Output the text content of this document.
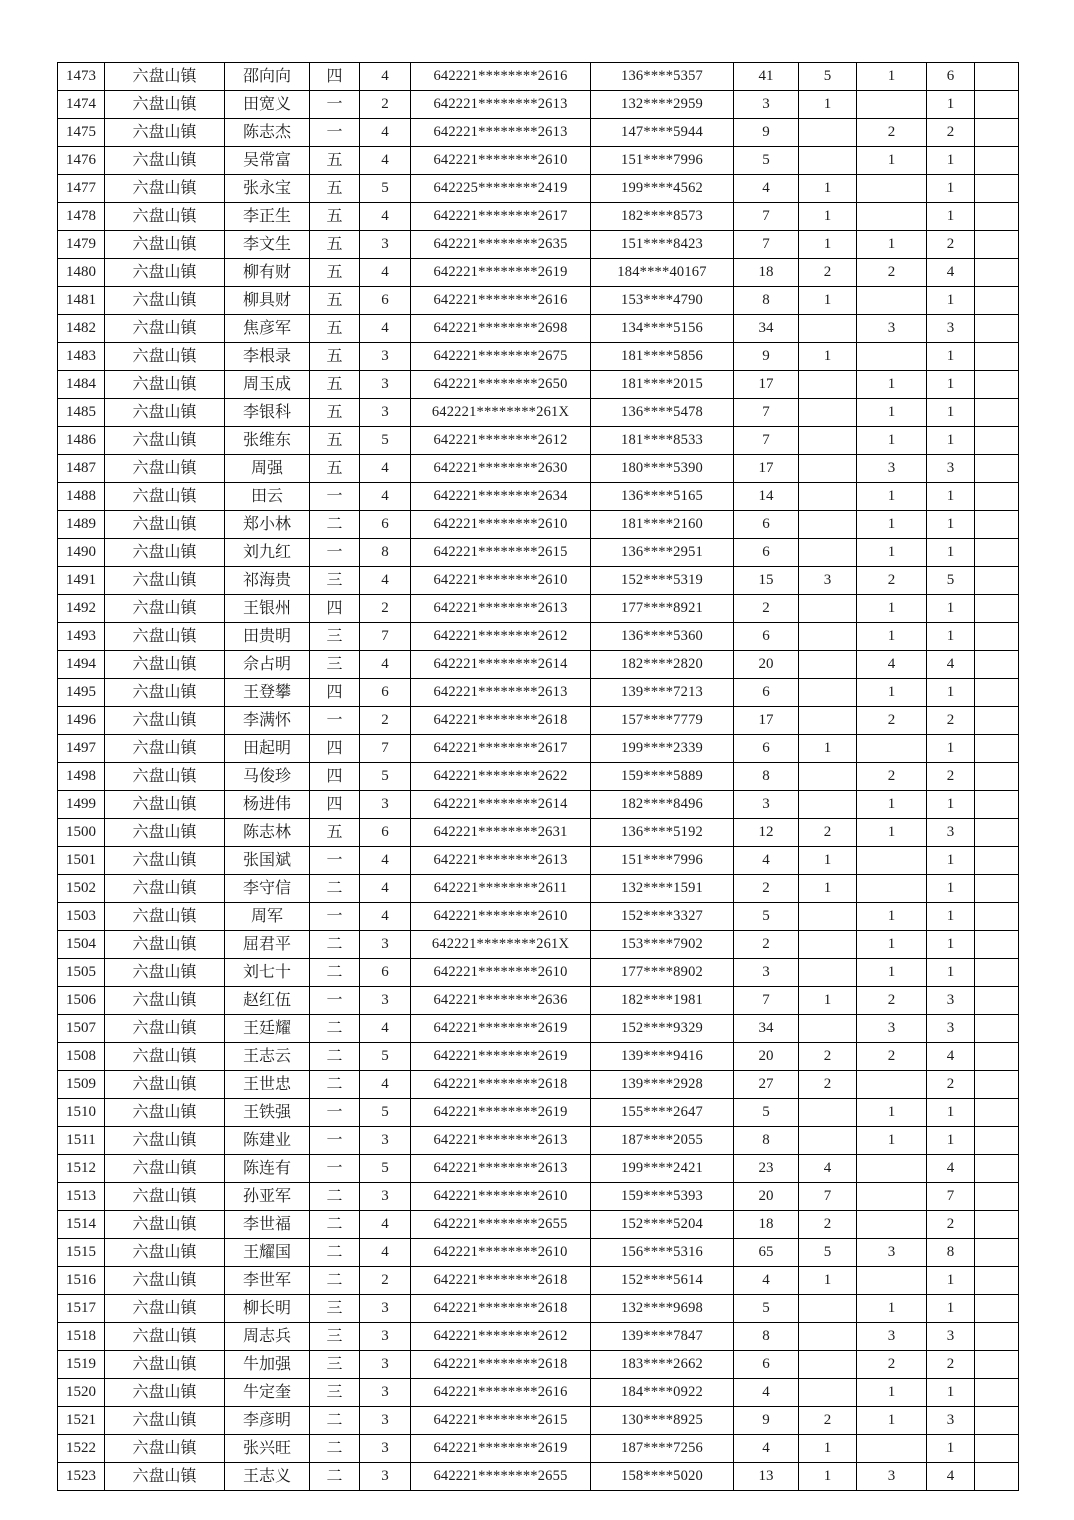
1473	六盘山镇	邵向向	四	4	642221********2616	136****5357	41	5	1	6	
1474	六盘山镇	田宽义	一	2	642221********2613	132****2959	3	1		1	
1475	六盘山镇	陈志杰	一	4	642221********2613	147****5944	9		2	2	
1476	六盘山镇	吴常富	五	4	642221********2610	151****7996	5		1	1	
1477	六盘山镇	张永宝	五	5	642225********2419	199****4562	4	1		1	
1478	六盘山镇	李正生	五	4	642221********2617	182****8573	7	1		1	
1479	六盘山镇	李文生	五	3	642221********2635	151****8423	7	1	1	2	
1480	六盘山镇	柳有财	五	4	642221********2619	184****40167	18	2	2	4	
1481	六盘山镇	柳具财	五	6	642221********2616	153****4790	8	1		1	
1482	六盘山镇	焦彦军	五	4	642221********2698	134****5156	34		3	3	
1483	六盘山镇	李根录	五	3	642221********2675	181****5856	9	1		1	
1484	六盘山镇	周玉成	五	3	642221********2650	181****2015	17		1	1	
1485	六盘山镇	李银科	五	3	642221********261X	136****5478	7		1	1	
1486	六盘山镇	张维东	五	5	642221********2612	181****8533	7		1	1	
1487	六盘山镇	周强	五	4	642221********2630	180****5390	17		3	3	
1488	六盘山镇	田云	一	4	642221********2634	136****5165	14		1	1	
1489	六盘山镇	郑小林	二	6	642221********2610	181****2160	6		1	1	
1490	六盘山镇	刘九红	一	8	642221********2615	136****2951	6		1	1	
1491	六盘山镇	祁海贵	三	4	642221********2610	152****5319	15	3	2	5	
1492	六盘山镇	王银州	四	2	642221********2613	177****8921	2		1	1	
1493	六盘山镇	田贵明	三	7	642221********2612	136****5360	6		1	1	
1494	六盘山镇	佘占明	三	4	642221********2614	182****2820	20		4	4	
1495	六盘山镇	王登攀	四	6	642221********2613	139****7213	6		1	1	
1496	六盘山镇	李满怀	一	2	642221********2618	157****7779	17		2	2	
1497	六盘山镇	田起明	四	7	642221********2617	199****2339	6	1		1	
1498	六盘山镇	马俊珍	四	5	642221********2622	159****5889	8		2	2	
1499	六盘山镇	杨进伟	四	3	642221********2614	182****8496	3		1	1	
1500	六盘山镇	陈志林	五	6	642221********2631	136****5192	12	2	1	3	
1501	六盘山镇	张国斌	一	4	642221********2613	151****7996	4	1		1	
1502	六盘山镇	李守信	二	4	642221********2611	132****1591	2	1		1	
1503	六盘山镇	周军	一	4	642221********2610	152****3327	5		1	1	
1504	六盘山镇	屈君平	二	3	642221********261X	153****7902	2		1	1	
1505	六盘山镇	刘七十	二	6	642221********2610	177****8902	3		1	1	
1506	六盘山镇	赵红伍	一	3	642221********2636	182****1981	7	1	2	3	
1507	六盘山镇	王廷耀	二	4	642221********2619	152****9329	34		3	3	
1508	六盘山镇	王志云	二	5	642221********2619	139****9416	20	2	2	4	
1509	六盘山镇	王世忠	二	4	642221********2618	139****2928	27	2		2	
1510	六盘山镇	王铁强	一	5	642221********2619	155****2647	5		1	1	
1511	六盘山镇	陈建业	一	3	642221********2613	187****2055	8		1	1	
1512	六盘山镇	陈连有	一	5	642221********2613	199****2421	23	4		4	
1513	六盘山镇	孙亚军	二	3	642221********2610	159****5393	20	7		7	
1514	六盘山镇	李世福	二	4	642221********2655	152****5204	18	2		2	
1515	六盘山镇	王耀国	二	4	642221********2610	156****5316	65	5	3	8	
1516	六盘山镇	李世军	二	2	642221********2618	152****5614	4	1		1	
1517	六盘山镇	柳长明	三	3	642221********2618	132****9698	5		1	1	
1518	六盘山镇	周志兵	三	3	642221********2612	139****7847	8		3	3	
1519	六盘山镇	牛加强	三	3	642221********2618	183****2662	6		2	2	
1520	六盘山镇	牛定奎	三	3	642221********2616	184****0922	4		1	1	
1521	六盘山镇	李彦明	二	3	642221********2615	130****8925	9	2	1	3	
1522	六盘山镇	张兴旺	二	3	642221********2619	187****7256	4	1		1	
1523	六盘山镇	王志义	二	3	642221********2655	158****5020	13	1	3	4	
